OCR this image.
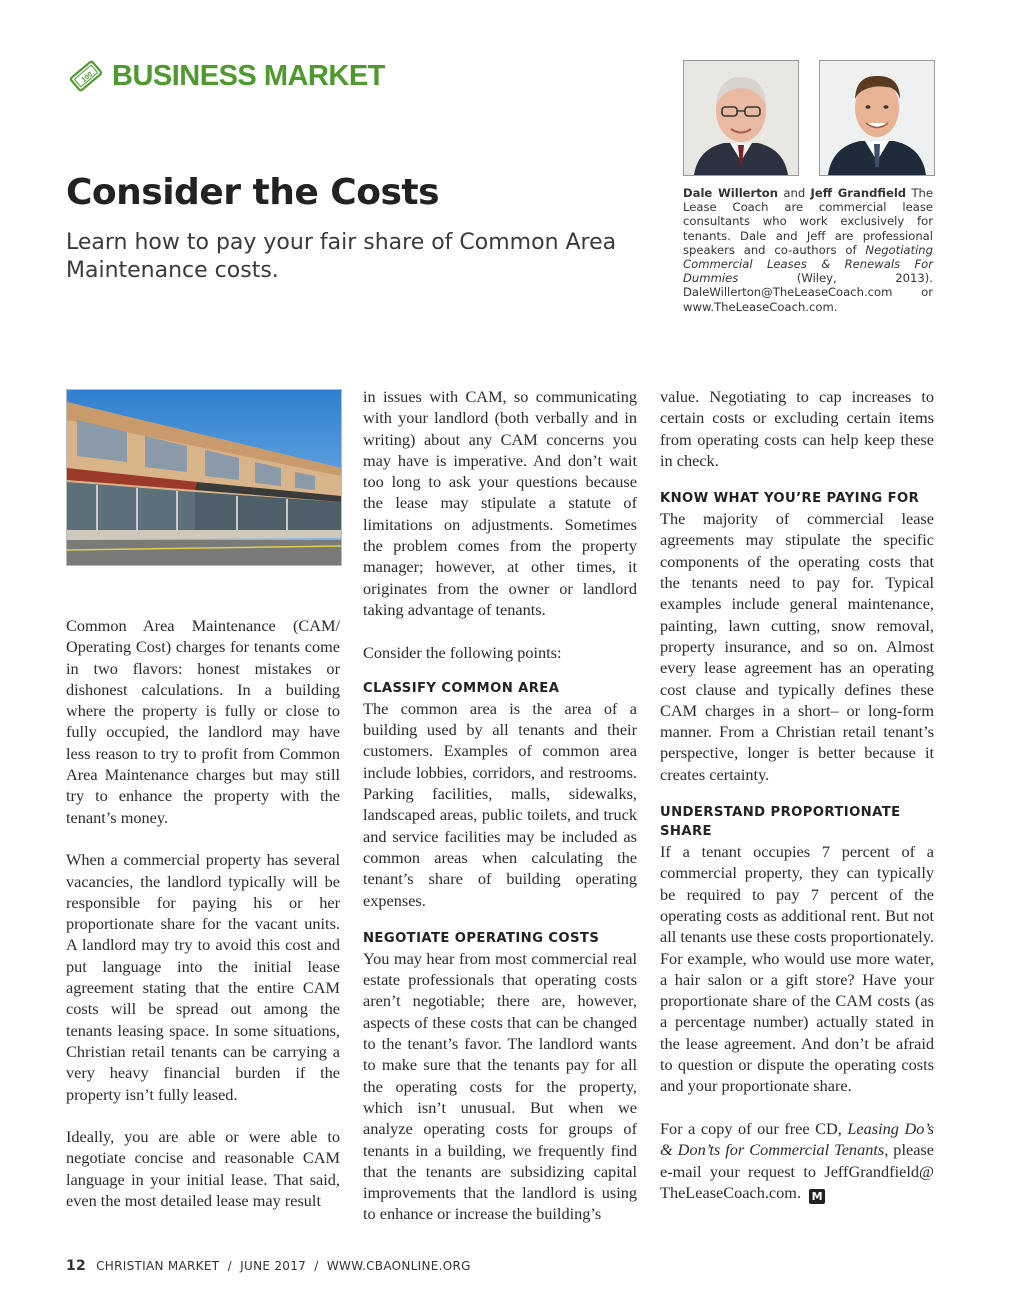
100 BUSINESS MARKET
Consider the Costs
Learn how to pay your fair share of Common Area Maintenance costs.
Dale Willerton and Jeff Grandfield The Lease Coach are commercial lease consultants who work exclusively for tenants. Dale and Jeff are professional speakers and co-authors of Negotiating Commercial Leases & Renewals For Dummies (Wiley, 2013). DaleWillerton@TheLeaseCoach.com or www.TheLeaseCoach.com.

Common Area Maintenance (CAM/ Operating Cost) charges for tenants come in two flavors: honest mistakes or dishonest calculations. In a building where the property is fully or close to fully occupied, the landlord may have less reason to try to profit from Common Area Maintenance charges but may still try to enhance the property with the tenant’s money.

When a commercial property has several vacancies, the landlord typically will be responsible for paying his or her proportionate share for the vacant units. A landlord may try to avoid this cost and put language into the initial lease agreement stating that the entire CAM costs will be spread out among the tenants leasing space. In some situations, Christian retail tenants can be carrying a very heavy financial burden if the property isn’t fully leased.

Ideally, you are able or were able to negotiate concise and reasonable CAM language in your initial lease. That said, even the most detailed lease may result

in issues with CAM, so communicating with your landlord (both verbally and in writing) about any CAM concerns you may have is imperative. And don’t wait too long to ask your questions because the lease may stipulate a statute of limitations on adjustments. Sometimes the problem comes from the property manager; however, at other times, it originates from the owner or landlord taking advantage of tenants.

Consider the following points:

CLASSIFY COMMON AREA

The common area is the area of a building used by all tenants and their customers. Examples of common area include lobbies, corridors, and restrooms. Parking facilities, malls, sidewalks, landscaped areas, public toilets, and truck and service facilities may be included as common areas when calculating the tenant’s share of building operating expenses.

NEGOTIATE OPERATING COSTS

You may hear from most commercial real estate professionals that operating costs aren’t negotiable; there are, however, aspects of these costs that can be changed to the tenant’s favor. The landlord wants to make sure that the tenants pay for all the operating costs for the property, which isn’t unusual. But when we analyze operating costs for groups of tenants in a building, we frequently find that the tenants are subsidizing capital improvements that the landlord is using to enhance or increase the building’s

value. Negotiating to cap increases to certain costs or excluding certain items from operating costs can help keep these in check.

KNOW WHAT YOU’RE PAYING FOR

The majority of commercial lease agreements may stipulate the specific components of the operating costs that the tenants need to pay for. Typical examples include general maintenance, painting, lawn cutting, snow removal, property insurance, and so on. Almost every lease agreement has an operating cost clause and typically defines these CAM charges in a short– or long-form manner. From a Christian retail tenant’s perspective, longer is better because it creates certainty.

UNDERSTAND PROPORTIONATE SHARE

If a tenant occupies 7 percent of a commercial property, they can typically be required to pay 7 percent of the operating costs as additional rent. But not all tenants use these costs proportionately. For example, who would use more water, a hair salon or a gift store? Have your proportionate share of the CAM costs (as a percentage number) actually stated in the lease agreement. And don’t be afraid to question or dispute the operating costs and your proportionate share.

For a copy of our free CD, Leasing Do’s & Don’ts for Commercial Tenants, please e-mail your request to JeffGrandfield@ TheLeaseCoach.com. M

12 CHRISTIAN MARKET  /  JUNE 2017  /  WWW.CBAONLINE.ORG
